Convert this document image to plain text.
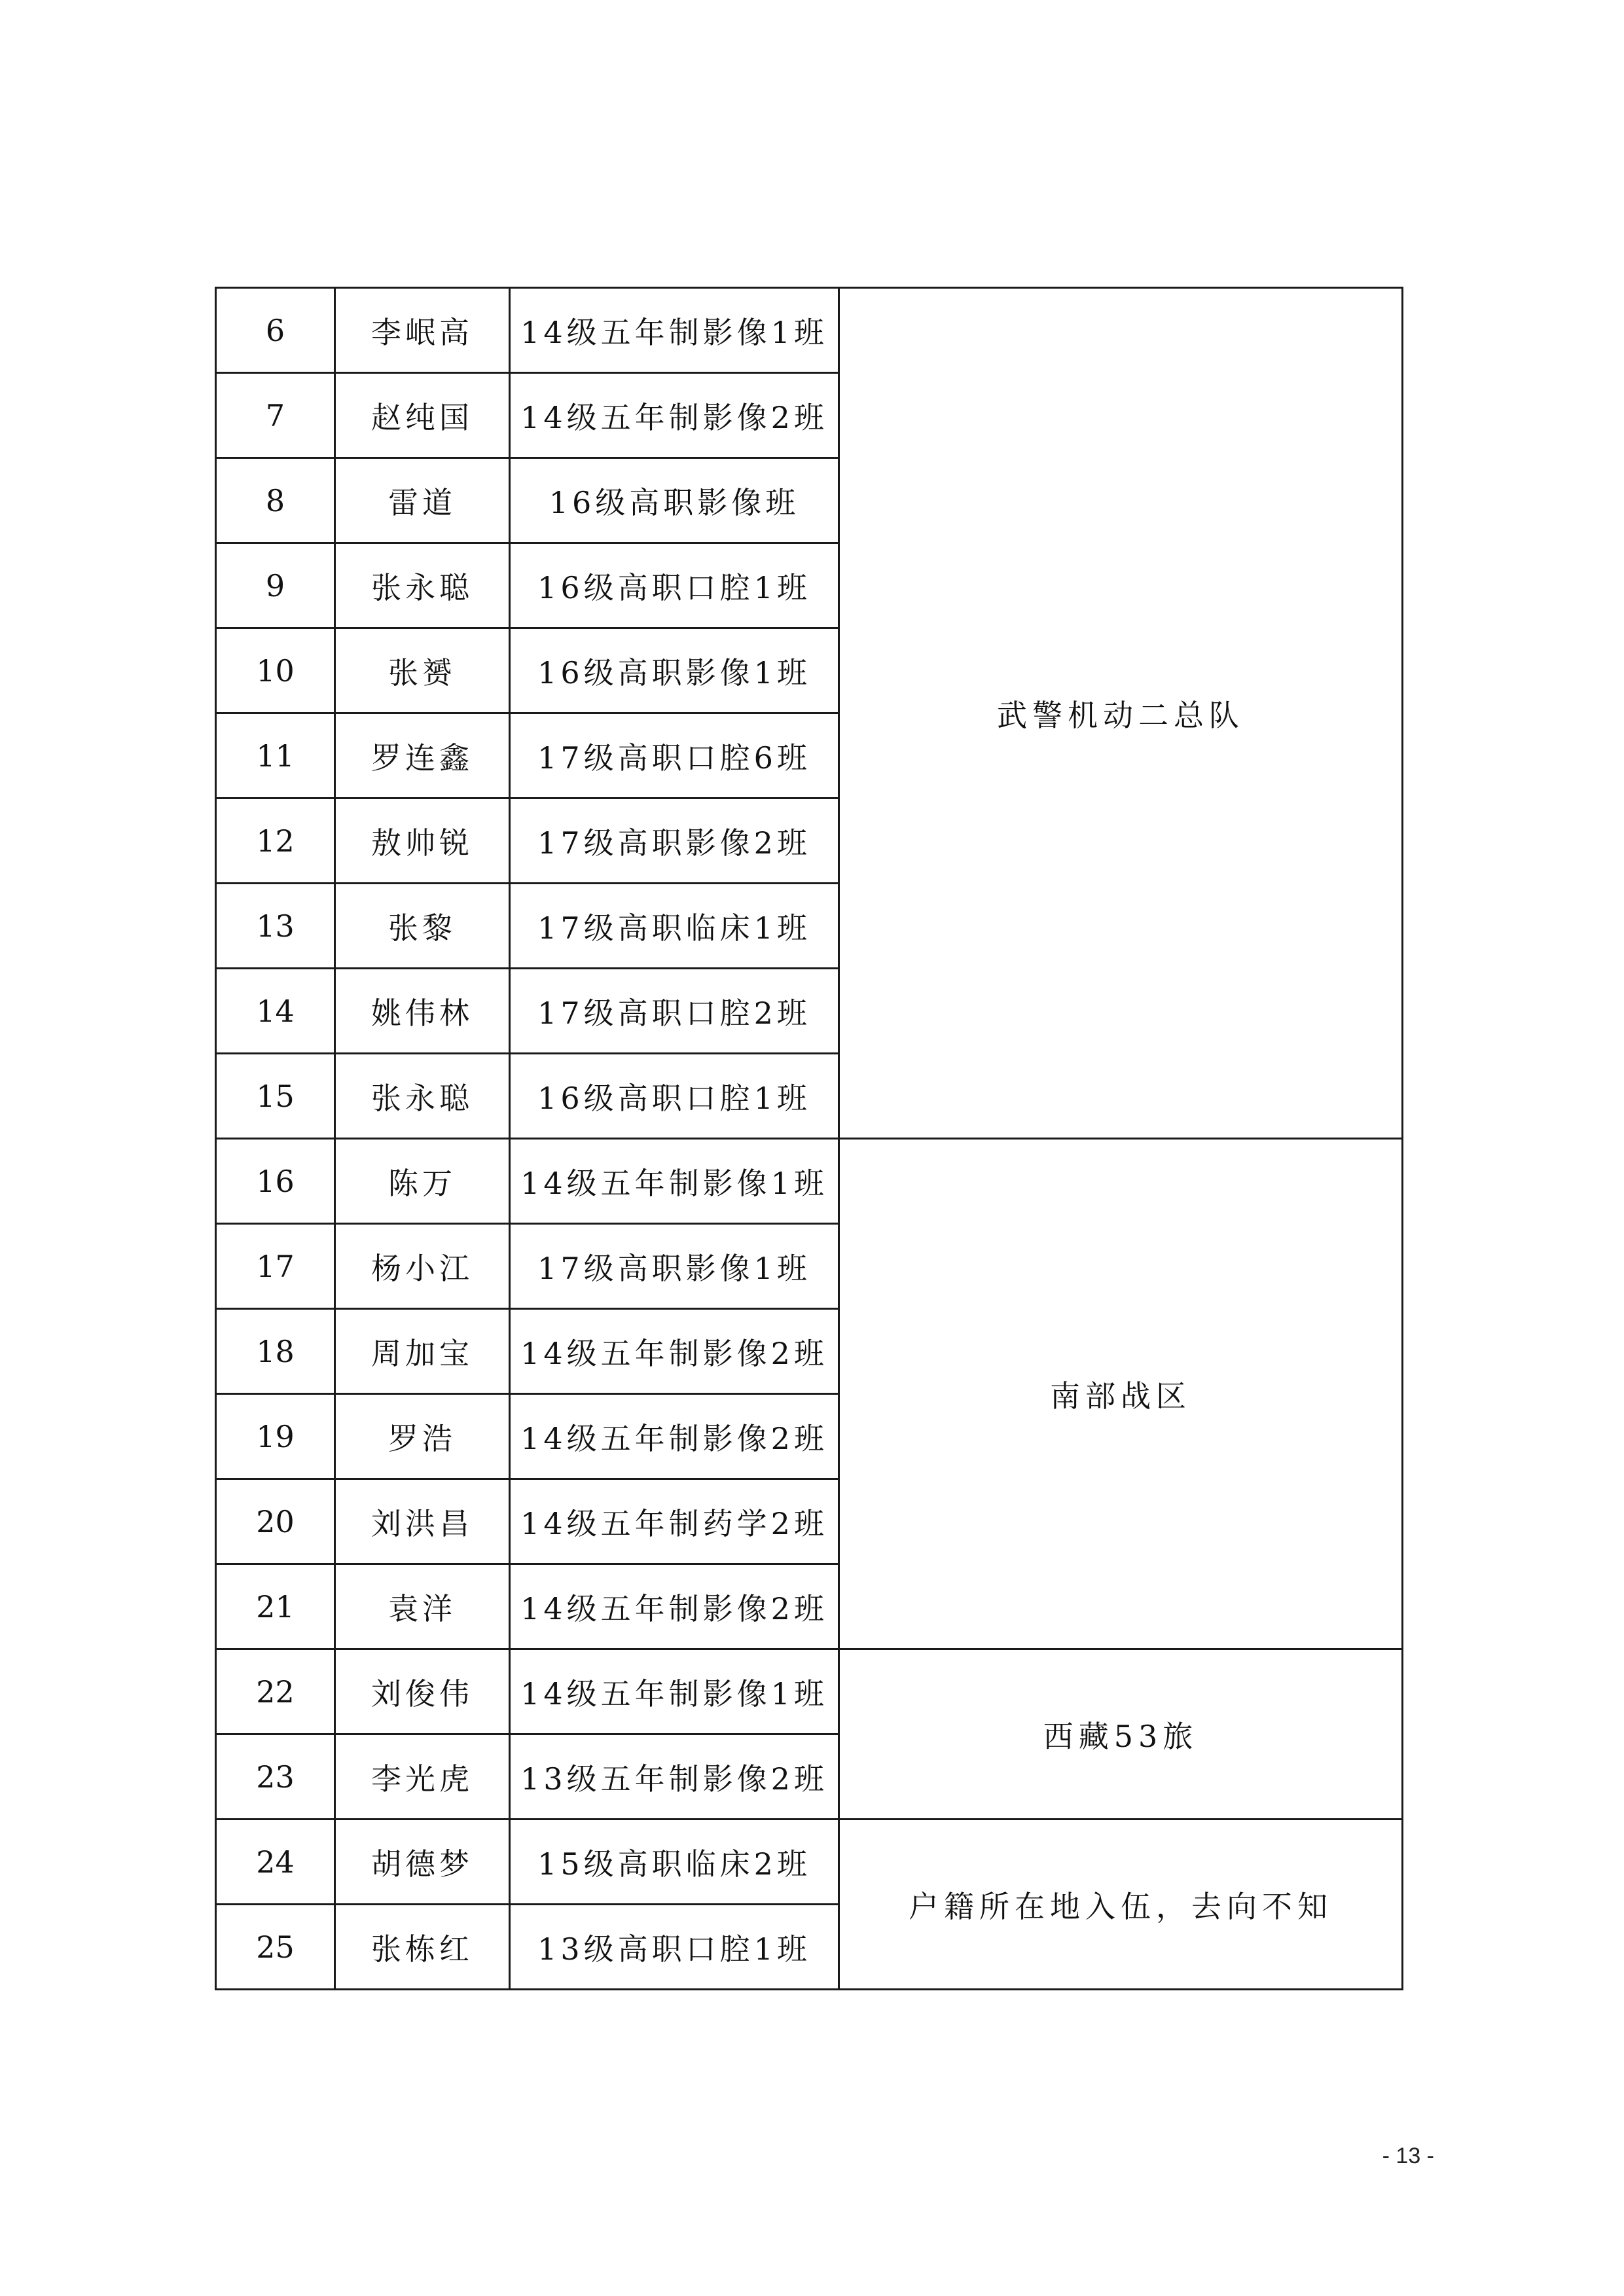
6	李岷高	14级五年制影像1班	武警机动二总队
7	赵纯国	14级五年制影像2班	
8	雷道	16级高职影像班	
9	张永聪	16级高职口腔1班	
10	张赟	16级高职影像1班	
11	罗连鑫	17级高职口腔6班	
12	敖帅锐	17级高职影像2班	
13	张黎	17级高职临床1班	
14	姚伟林	17级高职口腔2班	
15	张永聪	16级高职口腔1班	
16	陈万	14级五年制影像1班	南部战区
17	杨小江	17级高职影像1班	
18	周加宝	14级五年制影像2班	
19	罗浩	14级五年制影像2班	
20	刘洪昌	14级五年制药学2班	
21	袁洋	14级五年制影像2班	
22	刘俊伟	14级五年制影像1班	西藏53旅
23	李光虎	13级五年制影像2班	
24	胡德梦	15级高职临床2班	户籍所在地入伍，去向不知
25	张栋红	13级高职口腔1班	
- 13 -
